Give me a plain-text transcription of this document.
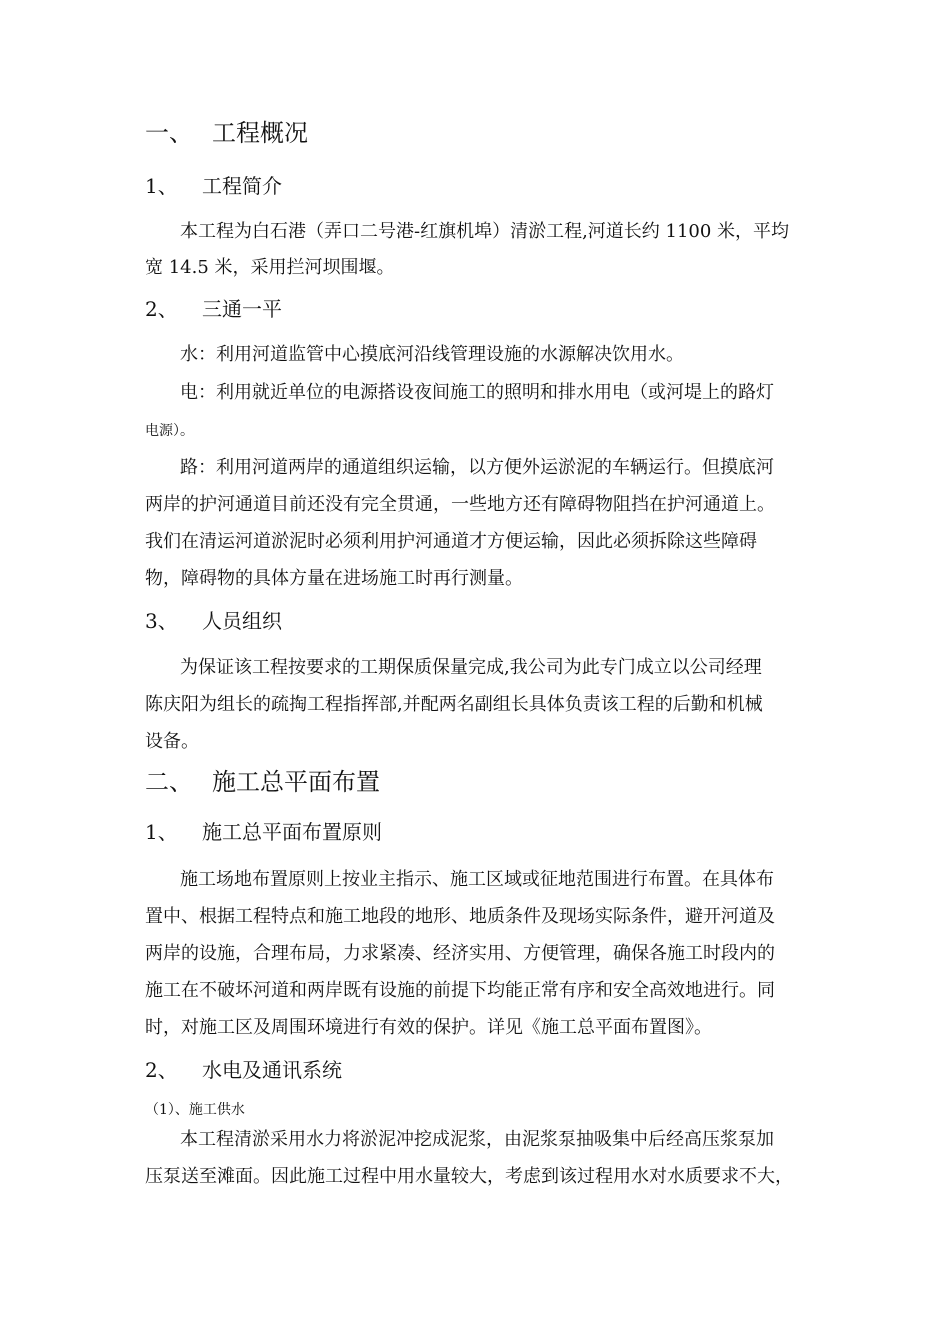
一、 工程概况
1、 工程简介
本工程为白石港（弄口二号港-红旗机埠）清淤工程,河道长约 1100 米，平均
宽 14.5 米，采用拦河坝围堰。
2、 三通一平
水：利用河道监管中心摸底河沿线管理设施的水源解决饮用水。
电：利用就近单位的电源搭设夜间施工的照明和排水用电（或河堤上的路灯
电源）。
路：利用河道两岸的通道组织运输，以方便外运淤泥的车辆运行。但摸底河
两岸的护河通道目前还没有完全贯通，一些地方还有障碍物阻挡在护河通道上。
我们在清运河道淤泥时必须利用护河通道才方便运输，因此必须拆除这些障碍
物，障碍物的具体方量在进场施工时再行测量。
3、 人员组织
为保证该工程按要求的工期保质保量完成,我公司为此专门成立以公司经理
陈庆阳为组长的疏掏工程指挥部,并配两名副组长具体负责该工程的后勤和机械
设备。
二、 施工总平面布置
1、 施工总平面布置原则
施工场地布置原则上按业主指示、施工区域或征地范围进行布置。在具体布
置中、根据工程特点和施工地段的地形、地质条件及现场实际条件，避开河道及
两岸的设施，合理布局，力求紧凑、经济实用、方便管理，确保各施工时段内的
施工在不破坏河道和两岸既有设施的前提下均能正常有序和安全高效地进行。同
时，对施工区及周围环境进行有效的保护。详见《施工总平面布置图》。
2、 水电及通讯系统
（1）、施工供水
本工程清淤采用水力将淤泥冲挖成泥浆，由泥浆泵抽吸集中后经高压浆泵加
压泵送至滩面。因此施工过程中用水量较大，考虑到该过程用水对水质要求不大，
